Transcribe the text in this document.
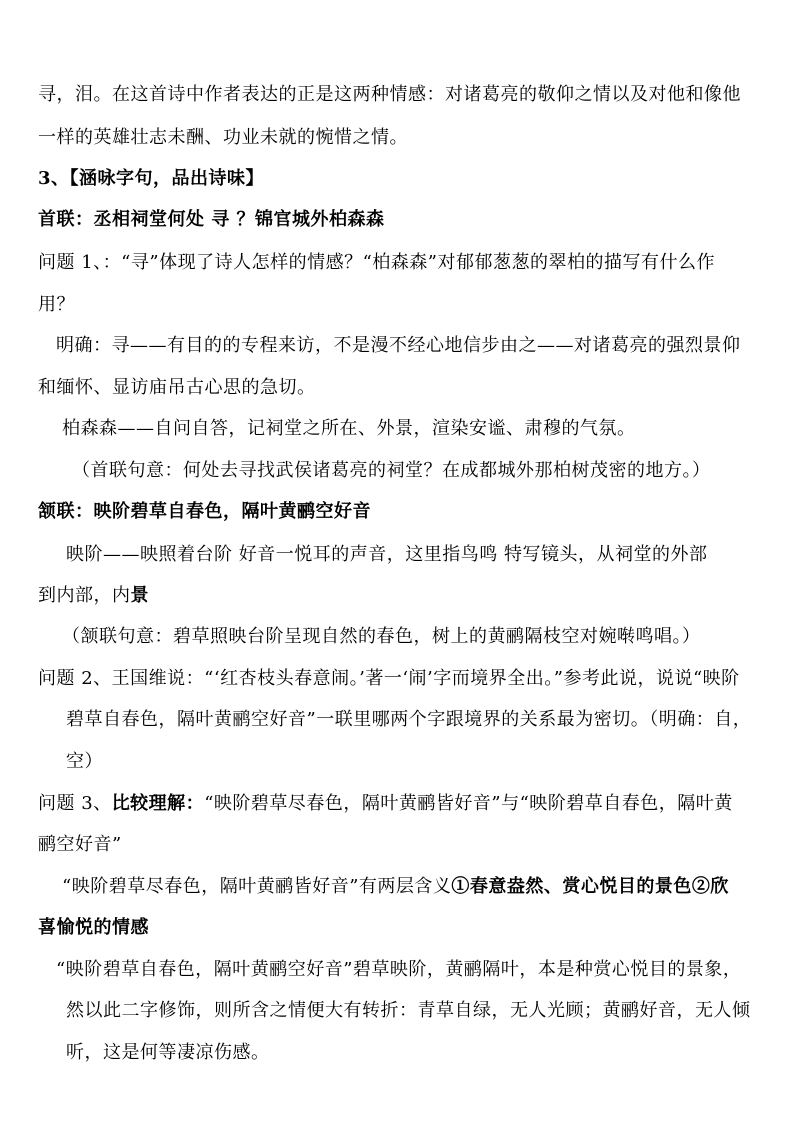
寻，泪。在这首诗中作者表达的正是这两种情感：对诸葛亮的敬仰之情以及对他和像他
一样的英雄壮志未酬、功业未就的惋惜之情。
3、【涵咏字句，品出诗味】
首联：丞相祠堂何处 寻 ？锦官城外柏森森
问题 1、：“寻”体现了诗人怎样的情感？“柏森森”对郁郁葱葱的翠柏的描写有什么作
用？
明确：寻——有目的的专程来访，不是漫不经心地信步由之——对诸葛亮的强烈景仰
和缅怀、显访庙吊古心思的急切。
柏森森——自问自答，记祠堂之所在、外景，渲染安谧、肃穆的气氛。
（首联句意：何处去寻找武侯诸葛亮的祠堂？在成都城外那柏树茂密的地方。）
颔联：映阶碧草自春色，隔叶黄鹂空好音
映阶——映照着台阶 好音一悦耳的声音，这里指鸟鸣 特写镜头，从祠堂的外部
到内部，内景
（颔联句意：碧草照映台阶呈现自然的春色，树上的黄鹂隔枝空对婉啭鸣唱。）
问题 2、王国维说：“‘红杏枝头春意闹。’著一‘闹’字而境界全出。”参考此说，说说“映阶
碧草自春色，隔叶黄鹂空好音”一联里哪两个字跟境界的关系最为密切。（明确：自，
空）
问题 3、比较理解：“映阶碧草尽春色，隔叶黄鹂皆好音”与“映阶碧草自春色，隔叶黄
鹂空好音”
“映阶碧草尽春色，隔叶黄鹂皆好音”有两层含义①春意盎然、赏心悦目的景色②欣
喜愉悦的情感
“映阶碧草自春色，隔叶黄鹂空好音”碧草映阶，黄鹂隔叶，本是种赏心悦目的景象，
然以此二字修饰，则所含之情便大有转折：青草自绿，无人光顾；黄鹂好音，无人倾
听，这是何等凄凉伤感。
